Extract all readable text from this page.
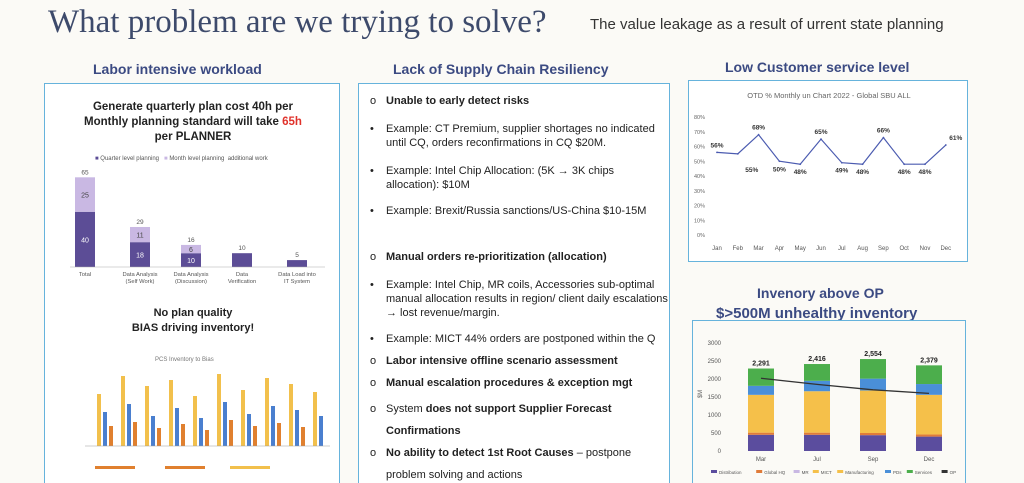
What problem are we trying to solve?	The value leakage as a result of ​urrent state planning
Labor intensive workload
Generate quarterly plan cost 40h per
Monthly planning standard will take 65h
per PLANNER
■ Quarter level planning ■ Month level planning additional work
40
25
65
Total
18
11
29
Data Analysis
(Self Work)
10
6
16
Data Analysis
(Discussion)
10
Data
Verification
5
Data Load into
IT System
No plan quality
BIAS driving inventory!
PCS Inventory to Bias
Lack of Supply Chain Resiliency
o Unable to early detect risks
•	Example: CT Premium, supplier shortages no indicated until CQ, orders reconfirmations in CQ $20M.
•	Example: Intel Chip Allocation: (5K → 3K chips allocation): $10M
•	Example: Brexit/Russia sanctions/US-China $10-15M
o Manual orders re-prioritization (allocation)
•	Example: Intel Chip, MR coils, Accessories sub-optimal manual allocation results in region/ client daily escalations → lost revenue/margin.
•	Example: MICT 44% orders are postponed within the Q
o Labor intensive offline scenario assessment
o Manual escalation procedures & exception mgt
o System does not support Supplier Forecast Confirmations
o No ability to detect 1st Root Causes – postpone problem solving and actions
Low Customer service level
OTD % Monthly un Chart 2022 - Global SBU ALL
80%
70%
60%
50%
40%
30%
20%
10%
0%
56%
68%
50% 48%
65%
49% 48%
66%
48% 48%
61%
55%
Jan Feb Mar Apr May Jun Jul Aug Sep Oct Nov Dec
Invenory above OP
$>500M unhealthy inventory
$M
3000
2500
2000
1500
1000
500
0
2,291
Mar
2,416
Jul
2,554
Sep
2,379
Dec
Distribution	Global HQ	MR	MICT	Manufacturing	PDs	Services	OP
